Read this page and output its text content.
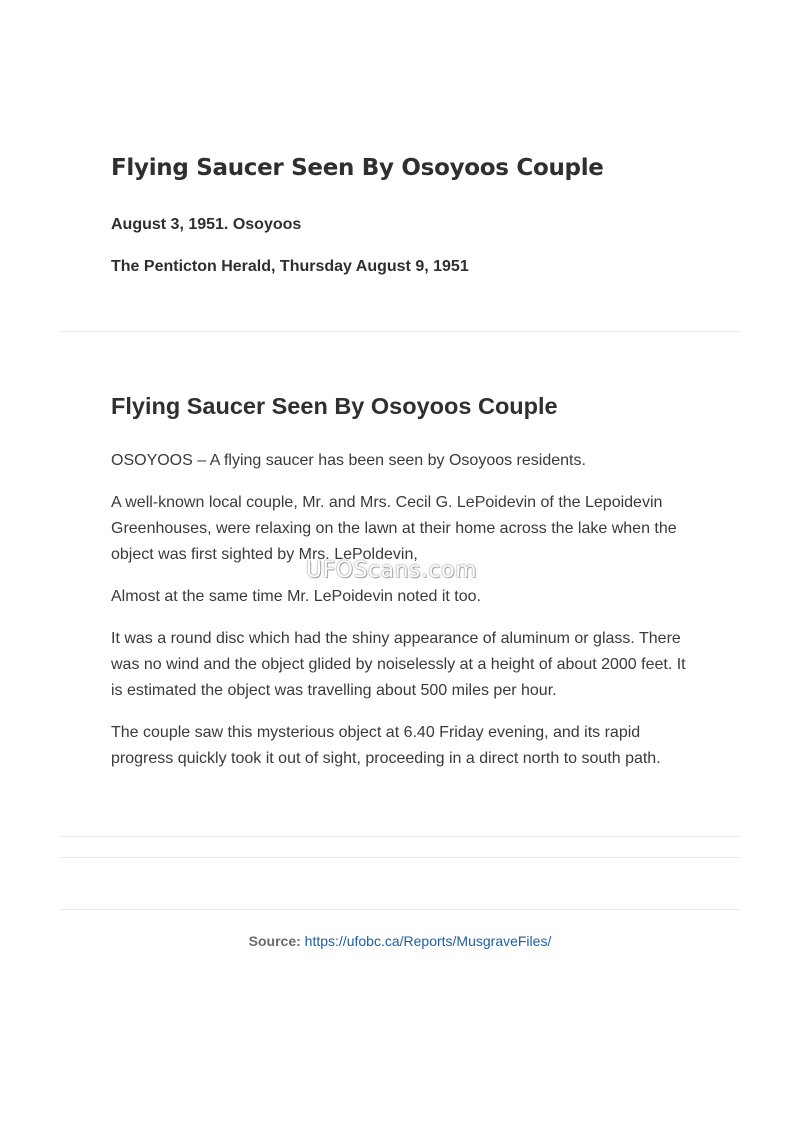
Flying Saucer Seen By Osoyoos Couple
August 3, 1951. Osoyoos
The Penticton Herald, Thursday August 9, 1951
Flying Saucer Seen By Osoyoos Couple

OSOYOOS – A flying saucer has been seen by Osoyoos residents.

A well-known local couple, Mr. and Mrs. Cecil G. LePoidevin of the Lepoidevin Greenhouses, were relaxing on the lawn at their home across the lake when the object was first sighted by Mrs. LePoldevin,

Almost at the same time Mr. LePoidevin noted it too.

It was a round disc which had the shiny appearance of aluminum or glass. There was no wind and the object glided by noiselessly at a height of about 2000 feet. It is estimated the object was travelling about 500 miles per hour.

The couple saw this mysterious object at 6.40 Friday evening, and its rapid progress quickly took it out of sight, proceeding in a direct north to south path.

UFOScans.com
Source: https://ufobc.ca/Reports/MusgraveFiles/
